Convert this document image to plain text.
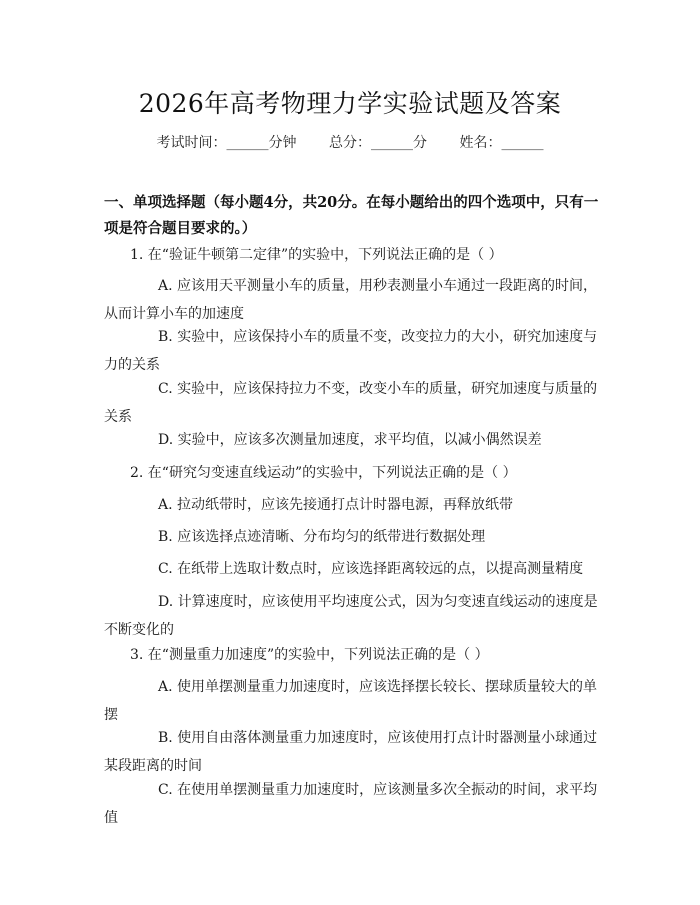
2026年高考物理力学实验试题及答案
考试时间：______分钟 总分：______分 姓名：______
一、单项选择题（每小题4分，共20分。在每小题给出的四个选项中，只有一项是符合题目要求的。）
1. 在“验证牛顿第二定律”的实验中，下列说法正确的是（ ）
A. 应该用天平测量小车的质量，用秒表测量小车通过一段距离的时间，从而计算小车的加速度
B. 实验中，应该保持小车的质量不变，改变拉力的大小，研究加速度与力的关系
C. 实验中，应该保持拉力不变，改变小车的质量，研究加速度与质量的关系
D. 实验中，应该多次测量加速度，求平均值，以减小偶然误差
2. 在“研究匀变速直线运动”的实验中，下列说法正确的是（ ）
A. 拉动纸带时，应该先接通打点计时器电源，再释放纸带
B. 应该选择点迹清晰、分布均匀的纸带进行数据处理
C. 在纸带上选取计数点时，应该选择距离较远的点，以提高测量精度
D. 计算速度时，应该使用平均速度公式，因为匀变速直线运动的速度是不断变化的
3. 在“测量重力加速度”的实验中，下列说法正确的是（ ）
A. 使用单摆测量重力加速度时，应该选择摆长较长、摆球质量较大的单摆
B. 使用自由落体测量重力加速度时，应该使用打点计时器测量小球通过某段距离的时间
C. 在使用单摆测量重力加速度时，应该测量多次全振动的时间，求平均值
